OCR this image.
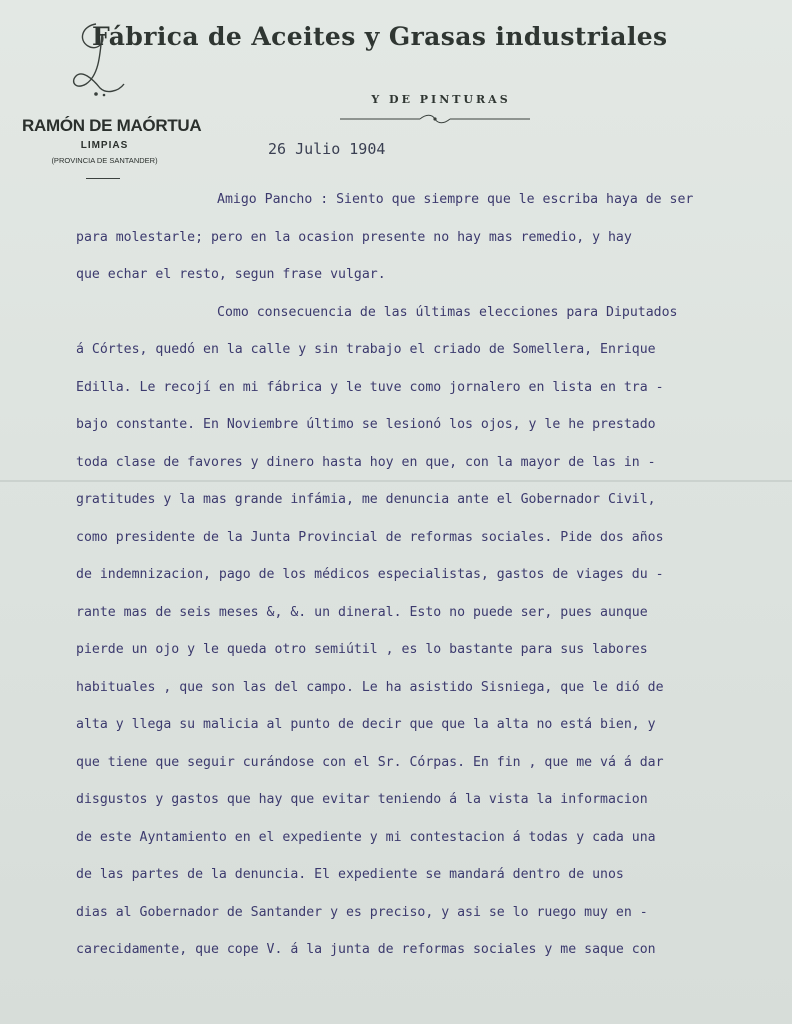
Fábrica de Aceites y Grasas industriales
Y DE PINTURAS
RAMÓN DE MAÓRTUA
LIMPIAS
(PROVINCIA DE SANTANDER)
26 Julio 1904
Amigo Pancho : Siento que siempre que le escriba haya de ser
para molestarle; pero en la ocasion presente no hay mas remedio, y hay
que echar el resto, segun frase vulgar.
Como consecuencia de las últimas elecciones para Diputados
á Córtes, quedó en la calle y sin trabajo el criado de Somellera, Enrique
Edilla. Le recojí en mi fábrica y le tuve como jornalero en lista en tra -
bajo constante. En Noviembre último se lesionó los ojos, y le he prestado
toda clase de favores y dinero hasta hoy en que, con la mayor de las in -
gratitudes y la mas grande infámia, me denuncia ante el Gobernador Civil,
como presidente de la Junta Provincial de reformas sociales. Pide dos años
de indemnizacion, pago de los médicos especialistas, gastos de viages du -
rante mas de seis meses &, &. un dineral. Esto no puede ser, pues aunque
pierde un ojo y le queda otro semiútil , es lo bastante para sus labores
habituales , que son las del campo. Le ha asistido Sisniega, que le dió de
alta y llega su malicia al punto de decir que que la alta no está bien, y
que tiene que seguir curándose con el Sr. Córpas. En fin , que me vá á dar
disgustos y gastos que hay que evitar teniendo á la vista la informacion
de este Ayntamiento en el expediente y mi contestacion á todas y cada una
de las partes de la denuncia. El expediente se mandará dentro de unos
dias al Gobernador de Santander y es preciso, y asi se lo ruego muy en -
carecidamente, que cope V. á la junta de reformas sociales y me saque con
